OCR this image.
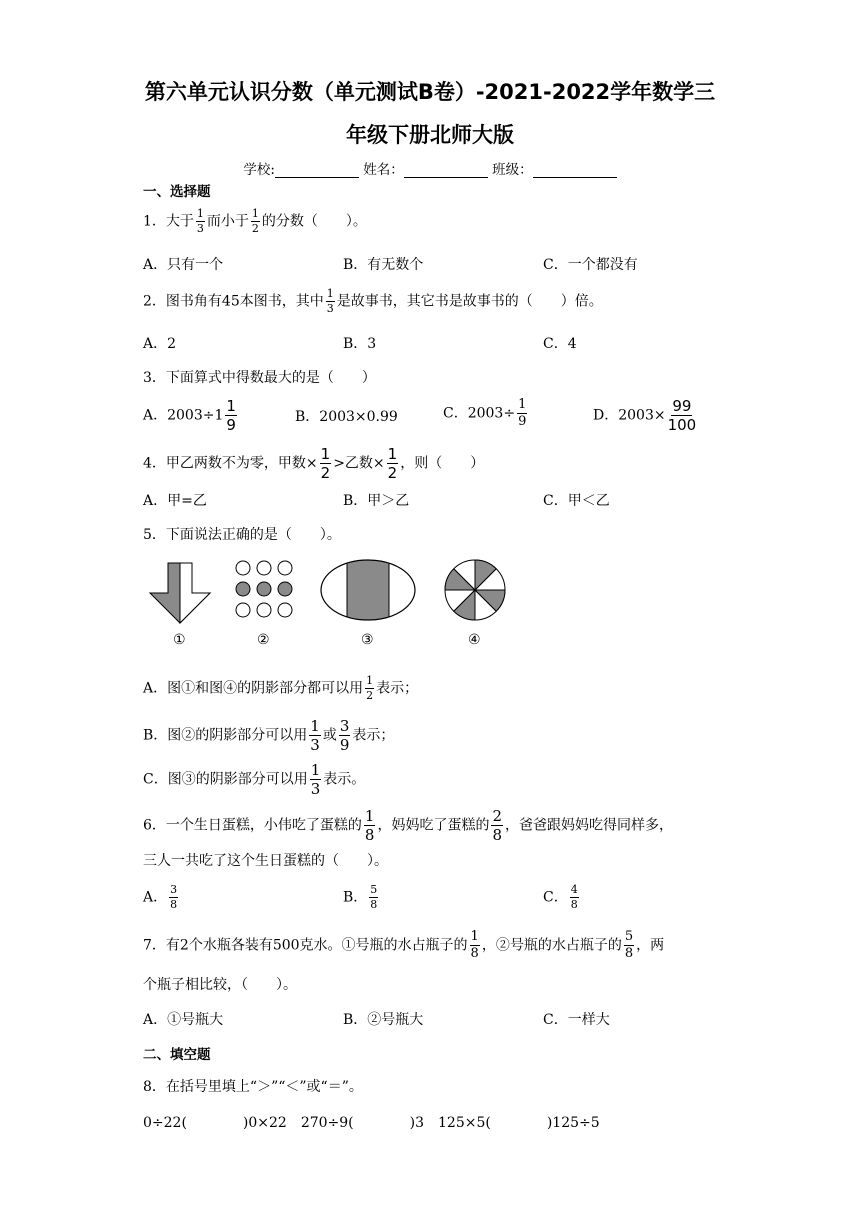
第六单元认识分数（单元测试B卷）-2021-2022学年数学三
年级下册北师大版
学校:	姓名：	班级：
一、选择题
1．大于 $\frac{1}{3}$ 而小于 $\frac{1}{2}$ 的分数（　　）。
A．只有一个	B．有无数个	C．一个都没有
2．图书角有45本图书，其中 $\frac{1}{3}$ 是故事书，其它书是故事书的（　　）倍。
A．2	B．3	C．4
3．下面算式中得数最大的是（　　）
A．$2003\div 1 \frac{1}{9}$	B．2003×0.99	C．$2003\div \frac{1}{9}$	D．$2003\times \frac{99}{100}$
4．甲乙两数不为零，甲数× $\frac{1}{2}$ >乙数× $\frac{1}{2}$ ，则（　　）
A．甲=乙	B．甲＞乙	C．甲＜乙
5．下面说法正确的是（　　）。
①	②	③	④
A．图①和图④的阴影部分都可以用 $\frac{1}{2}$ 表示；
B．图②的阴影部分可以用 $\frac{1}{3}$ 或 $\frac{3}{9}$ 表示；
C．图③的阴影部分可以用 $\frac{1}{3}$ 表示。
6．一个生日蛋糕，小伟吃了蛋糕的 $\frac{1}{8}$ ，妈妈吃了蛋糕的 $\frac{2}{8}$ ，爸爸跟妈妈吃得同样多，
三人一共吃了这个生日蛋糕的（　　）。
A． $\frac{3}{8}$	B． $\frac{5}{8}$	C． $\frac{4}{8}$
7．有2个水瓶各装有500克水。①号瓶的水占瓶子的 $\frac{1}{8}$ ，②号瓶的水占瓶子的 $\frac{5}{8}$ ，两
个瓶子相比较，（　　）。
A．①号瓶大	B．②号瓶大	C．一样大
二、填空题
8．在括号里填上“＞”“＜”或“＝”。
0÷22(　　　　)0×22　270÷9(　　　　)3　125×5(　　　　)125÷5
